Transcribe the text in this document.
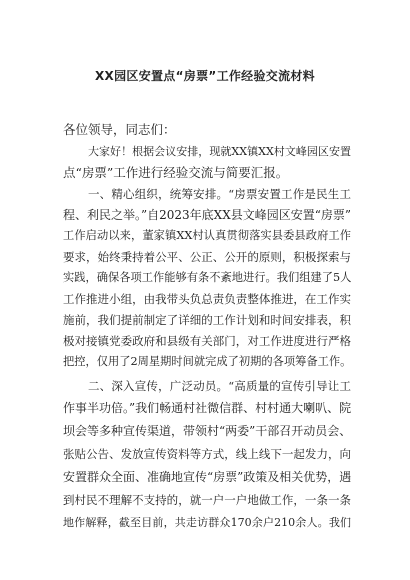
XX园区安置点“房票”工作经验交流材料
各位领导，同志们：
大家好！根据会议安排，现就XX镇XX村文峰园区安置
点“房票”工作进行经验交流与简要汇报。
一、精心组织，统筹安排。“房票安置工作是民生工
程、利民之举。”自2023年底XX县文峰园区安置“房票”
工作启动以来，董家镇XX村认真贯彻落实县委县政府工作
要求，始终秉持着公平、公正、公开的原则，积极探索与
实践，确保各项工作能够有条不紊地进行。我们组建了5人
工作推进小组，由我带头负总责负责整体推进，在工作实
施前，我们提前制定了详细的工作计划和时间安排表，积
极对接镇党委政府和县级有关部门，对工作进度进行严格
把控，仅用了2周星期时间就完成了初期的各项筹备工作。
二、深入宣传，广泛动员。“高质量的宣传引导让工
作事半功倍。”我们畅通村社微信群、村村通大喇叭、院
坝会等多种宣传渠道，带领村“两委”干部召开动员会、
张贴公告、发放宣传资料等方式，线上线下一起发力，向
安置群众全面、准确地宣传“房票”政策及相关优势，遇
到村民不理解不支持的，就一户一户地做工作，一条一条
地作解释，截至目前，共走访群众170余户210余人。我们
